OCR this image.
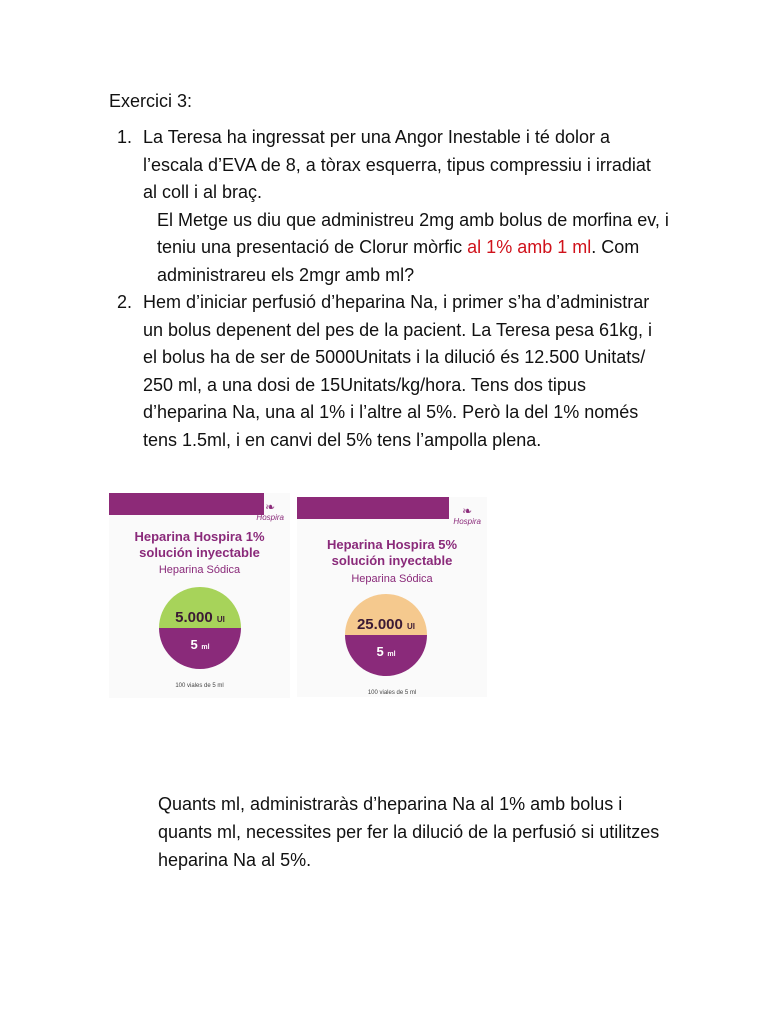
Exercici 3:
1. La Teresa ha ingressat per una Angor Inestable i té dolor a l’escala d’EVA de 8, a tòrax esquerra, tipus compressiu i irradiat al coll i al braç.

El Metge us diu que administreu 2mg amb bolus de morfina ev, i teniu una presentació de Clorur mòrfic al 1% amb 1 ml. Com administrareu els 2mgr amb ml?

2. Hem d’iniciar perfusió d’heparina Na, i primer s’ha d’administrar un bolus depenent del pes de la pacient. La Teresa pesa 61kg, i el bolus ha de ser de 5000Unitats i la dilució és 12.500 Unitats/ 250 ml, a una dosi de 15Unitats/kg/hora. Tens dos tipus d’heparina Na, una al 1% i l’altre al 5%. Però la del 1% només tens 1.5ml, i en canvi del 5% tens l’ampolla plena.

❧
Hospira
Heparina Hospira 1%
solución inyectable
Heparina Sódica
5.000 UI
5 ml
100 viales de 5 ml
❧
Hospira
Heparina Hospira 5%
solución inyectable
Heparina Sódica
25.000 UI
5 ml
100 viales de 5 ml

Quants ml, administraràs d’heparina Na al 1% amb bolus i quants ml, necessites per fer la dilució de la perfusió si utilitzes heparina Na al 5%.
